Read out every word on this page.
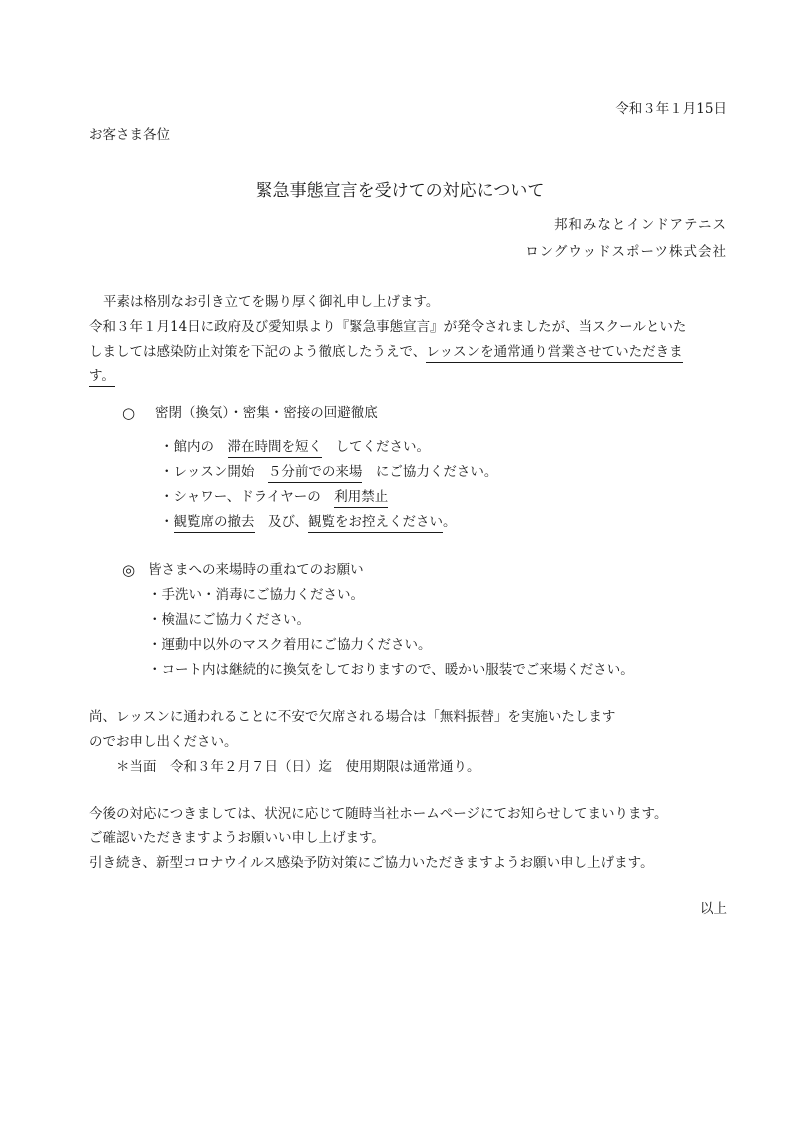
令和３年１月15日
お客さま各位
緊急事態宣言を受けての対応について
邦和みなとインドアテニス
ロングウッドスポーツ株式会社
平素は格別なお引き立てを賜り厚く御礼申し上げます。
令和３年１月14日に政府及び愛知県より『緊急事態宣言』が発令されましたが、当スクールといた
しましては感染防止対策を下記のよう徹底したうえで、レッスンを通常通り営業させていただきま
す。
○ 密閉（換気）・密集・密接の回避徹底
・館内の　滞在時間を短く　してください。
・レッスン開始　５分前での来場　にご協力ください。
・シャワー、ドライヤーの　利用禁止
・観覧席の撤去　及び、観覧をお控えください。
◎ 皆さまへの来場時の重ねてのお願い
・手洗い・消毒にご協力ください。
・検温にご協力ください。
・運動中以外のマスク着用にご協力ください。
・コート内は継続的に換気をしておりますので、暖かい服装でご来場ください。
尚、レッスンに通われることに不安で欠席される場合は「無料振替」を実施いたします
のでお申し出ください。
＊当面　令和３年２月７日（日）迄　使用期限は通常通り。
今後の対応につきましては、状況に応じて随時当社ホームページにてお知らせしてまいります。
ご確認いただきますようお願いい申し上げます。
引き続き、新型コロナウイルス感染予防対策にご協力いただきますようお願い申し上げます。
以上
